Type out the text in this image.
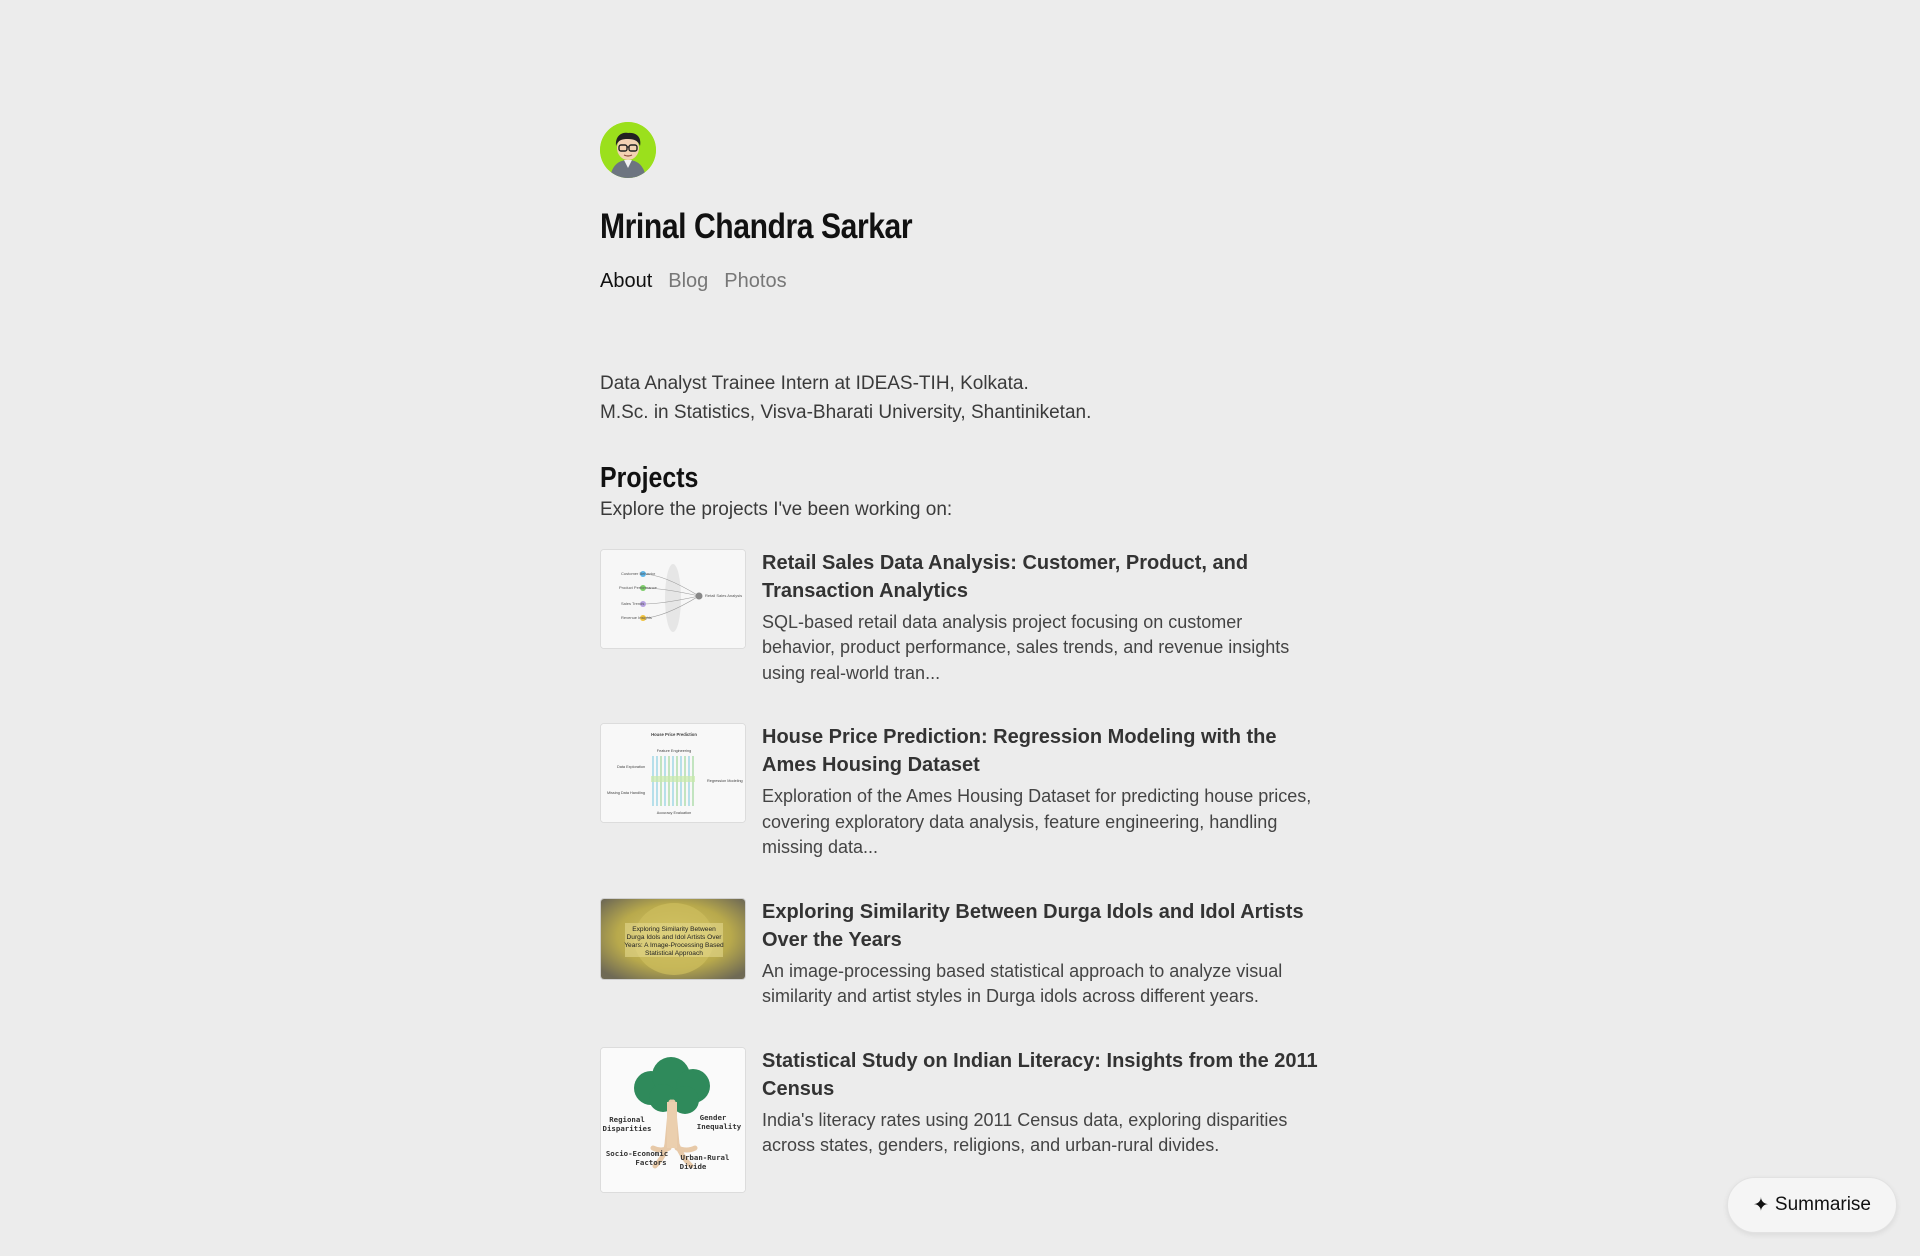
Mrinal Chandra Sarkar
About Blog Photos
Data Analyst Trainee Intern at IDEAS-TIH, Kolkata.
M.Sc. in Statistics, Visva-Bharati University, Shantiniketan.
Projects
Explore the projects I've been working on:
Customer Behavior
Product Performance
Sales Trends
Revenue Insights
Retail Sales Analysis
Retail Sales Data Analysis: Customer, Product, and Transaction Analytics
SQL-based retail data analysis project focusing on customer behavior, product performance, sales trends, and revenue insights using real-world tran...
House Price Prediction
Feature Engineering
Data Exploration
Regression Modeling
Missing Data Handling
Accuracy Evaluation
House Price Prediction: Regression Modeling with the Ames Housing Dataset
Exploration of the Ames Housing Dataset for predicting house prices, covering exploratory data analysis, feature engineering, handling missing data...
Exploring Similarity Between
Durga Idols and Idol Artists Over
Years: A Image-Processing Based
Statistical Approach
Exploring Similarity Between Durga Idols and Idol Artists Over the Years
An image-processing based statistical approach to analyze visual similarity and artist styles in Durga idols across different years.
Regional
Disparities
Gender
Inequality
Socio-Economic
Factors
Urban-Rural
Divide
Statistical Study on Indian Literacy: Insights from the 2011 Census
India's literacy rates using 2011 Census data, exploring disparities across states, genders, religions, and urban-rural divides.
✦ Summarise
